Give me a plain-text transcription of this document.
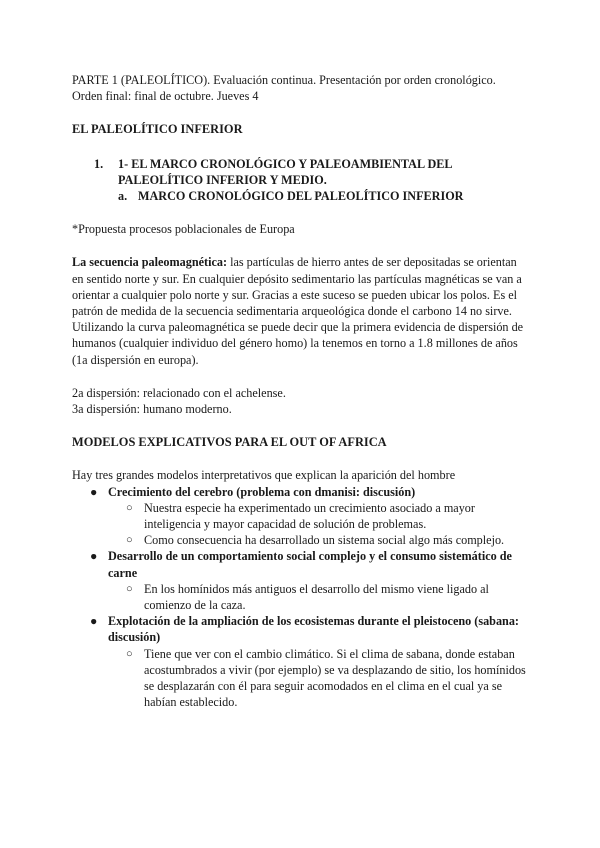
PARTE 1 (PALEOLÍTICO). Evaluación continua. Presentación por orden cronológico. Orden final: final de octubre. Jueves 4

EL PALEOLÍTICO INFERIOR

1. 1- EL MARCO CRONOLÓGICO Y PALEOAMBIENTAL DEL PALEOLÍTICO INFERIOR Y MEDIO.

a. MARCO CRONOLÓGICO DEL PALEOLÍTICO INFERIOR

*Propuesta procesos poblacionales de Europa

La secuencia paleomagnética: las partículas de hierro antes de ser depositadas se orientan en sentido norte y sur. En cualquier depósito sedimentario las partículas magnéticas se van a orientar a cualquier polo norte y sur. Gracias a este suceso se pueden ubicar los polos. Es el patrón de medida de la secuencia sedimentaria arqueológica donde el carbono 14 no sirve. Utilizando la curva paleomagnética se puede decir que la primera evidencia de dispersión de humanos (cualquier individuo del género homo) la tenemos en torno a 1.8 millones de años (1a dispersión en europa).

2a dispersión: relacionado con el achelense.

3a dispersión: humano moderno.

MODELOS EXPLICATIVOS PARA EL OUT OF AFRICA

Hay tres grandes modelos interpretativos que explican la aparición del hombre

● Crecimiento del cerebro (problema con dmanisi: discusión)

○ Nuestra especie ha experimentado un crecimiento asociado a mayor inteligencia y mayor capacidad de solución de problemas.

○ Como consecuencia ha desarrollado un sistema social algo más complejo.

● Desarrollo de un comportamiento social complejo y el consumo sistemático de carne

○ En los homínidos más antiguos el desarrollo del mismo viene ligado al comienzo de la caza.

● Explotación de la ampliación de los ecosistemas durante el pleistoceno (sabana: discusión)

○ Tiene que ver con el cambio climático. Si el clima de sabana, donde estaban acostumbrados a vivir (por ejemplo) se va desplazando de sitio, los homínidos se desplazarán con él para seguir acomodados en el clima en el cual ya se habían establecido.
